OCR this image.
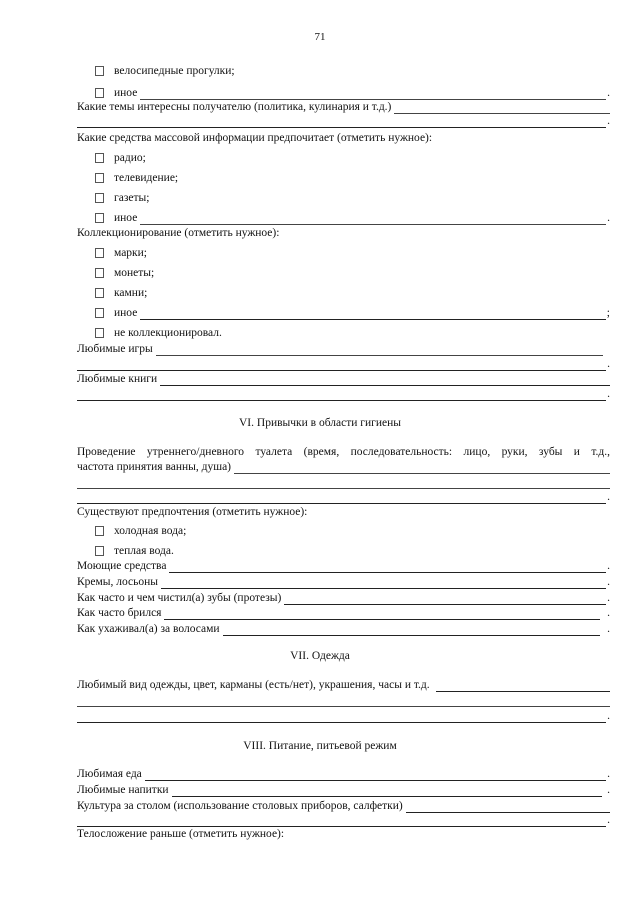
71
велосипедные прогулки;
иное	.
Какие темы интересны получателю (политика, кулинария и т.д.)
.
Какие средства массовой информации предпочитает (отметить нужное):
радио;
телевидение;
газеты;
иное	.
Коллекционирование (отметить нужное):
марки;
монеты;
камни;
иное	;
не коллекционировал.
Любимые игры
.
Любимые книги
.
VI. Привычки в области гигиены
Проведение утреннего/дневного туалета (время, последовательность: лицо, руки, зубы и т.д.,
частота принятия ванны, душа)
.
Существуют предпочтения (отметить нужное):
холодная вода;
теплая вода.
Моющие средства	.
Кремы, лосьоны	.
Как часто и чем чистил(а) зубы (протезы)	.
Как часто брился	.
Как ухаживал(а) за волосами	.
VII. Одежда
Любимый вид одежды, цвет, карманы (есть/нет), украшения, часы и т.д.
.
VIII. Питание, питьевой режим
Любимая еда	.
Любимые напитки	.
Культура за столом (использование столовых приборов, салфетки)
.
Телосложение раньше (отметить нужное):
